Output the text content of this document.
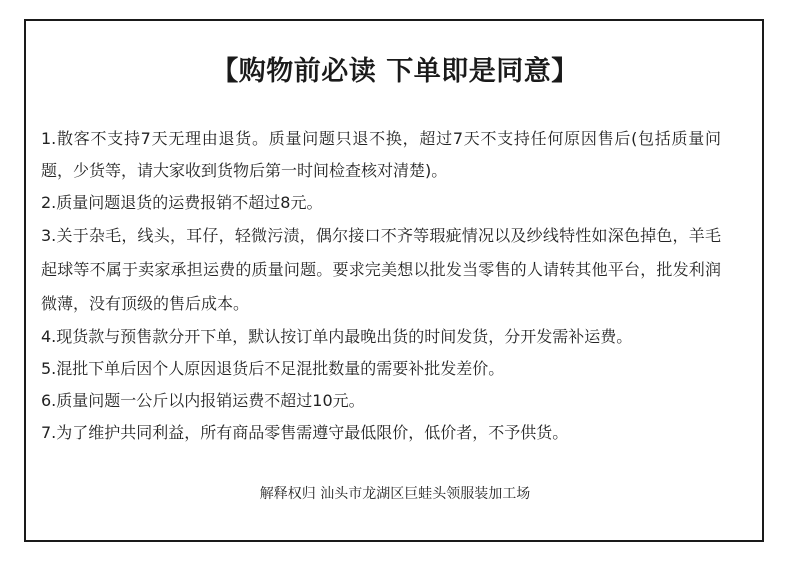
【购物前必读 下单即是同意】
1.散客不支持7天无理由退货。质量问题只退不换，超过7天不支持任何原因售后(包括质量问题，少货等，请大家收到货物后第一时间检查核对清楚)。
2.质量问题退货的运费报销不超过8元。
3.关于杂毛，线头，耳仔，轻微污渍，偶尔接口不齐等瑕疵情况以及纱线特性如深色掉色，羊毛起球等不属于卖家承担运费的质量问题。要求完美想以批发当零售的人请转其他平台，批发利润微薄，没有顶级的售后成本。
4.现货款与预售款分开下单，默认按订单内最晚出货的时间发货，分开发需补运费。
5.混批下单后因个人原因退货后不足混批数量的需要补批发差价。
6.质量问题一公斤以内报销运费不超过10元。
7.为了维护共同利益，所有商品零售需遵守最低限价，低价者，不予供货。
解释权归 汕头市龙湖区巨蛙头领服装加工场
